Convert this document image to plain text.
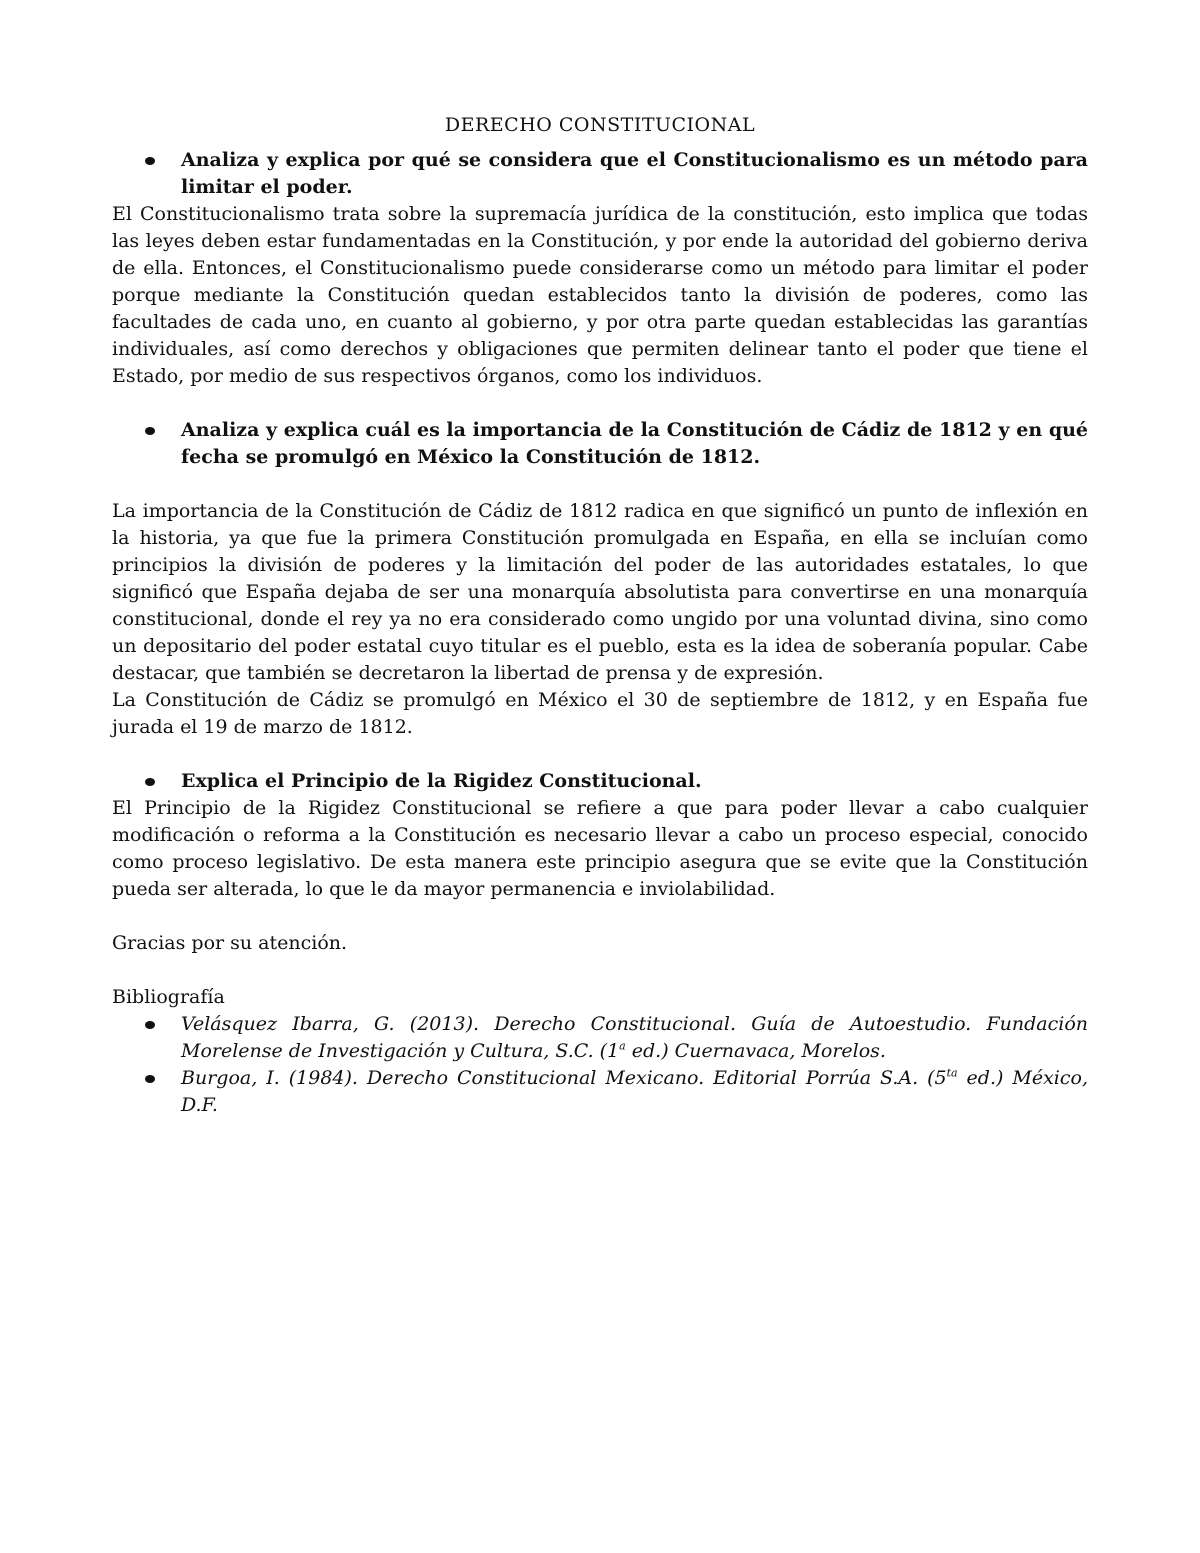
DERECHO CONSTITUCIONAL
Analiza y explica por qué se considera que el Constitucionalismo es un método para limitar el poder.

El Constitucionalismo trata sobre la supremacía jurídica de la constitución, esto implica que todas las leyes deben estar fundamentadas en la Constitución, y por ende la autoridad del gobierno deriva de ella. Entonces, el Constitucionalismo puede considerarse como un método para limitar el poder porque mediante la Constitución quedan establecidos tanto la división de poderes, como las facultades de cada uno, en cuanto al gobierno, y por otra parte quedan establecidas las garantías individuales, así como derechos y obligaciones que permiten delinear tanto el poder que tiene el Estado, por medio de sus respectivos órganos, como los individuos.

Analiza y explica cuál es la importancia de la Constitución de Cádiz de 1812 y en qué fecha se promulgó en México la Constitución de 1812.

La importancia de la Constitución de Cádiz de 1812 radica en que significó un punto de inflexión en la historia, ya que fue la primera Constitución promulgada en España, en ella se incluían como principios la división de poderes y la limitación del poder de las autoridades estatales, lo que significó que España dejaba de ser una monarquía absolutista para convertirse en una monarquía constitucional, donde el rey ya no era considerado como ungido por una voluntad divina, sino como un depositario del poder estatal cuyo titular es el pueblo, esta es la idea de soberanía popular. Cabe destacar, que también se decretaron la libertad de prensa y de expresión.

La Constitución de Cádiz se promulgó en México el 30 de septiembre de 1812, y en España fue jurada el 19 de marzo de 1812.

Explica el Principio de la Rigidez Constitucional.

El Principio de la Rigidez Constitucional se refiere a que para poder llevar a cabo cualquier modificación o reforma a la Constitución es necesario llevar a cabo un proceso especial, conocido como proceso legislativo. De esta manera este principio asegura que se evite que la Constitución pueda ser alterada, lo que le da mayor permanencia e inviolabilidad.

Gracias por su atención.

Bibliografía

Velásquez Ibarra, G. (2013). Derecho Constitucional. Guía de Autoestudio. Fundación Morelense de Investigación y Cultura, S.C. (1$^a$ ed.) Cuernavaca, Morelos.
Burgoa, I. (1984). Derecho Constitucional Mexicano. Editorial Porrúa S.A. ($5^{ta}$ ed.) México, D.F.
